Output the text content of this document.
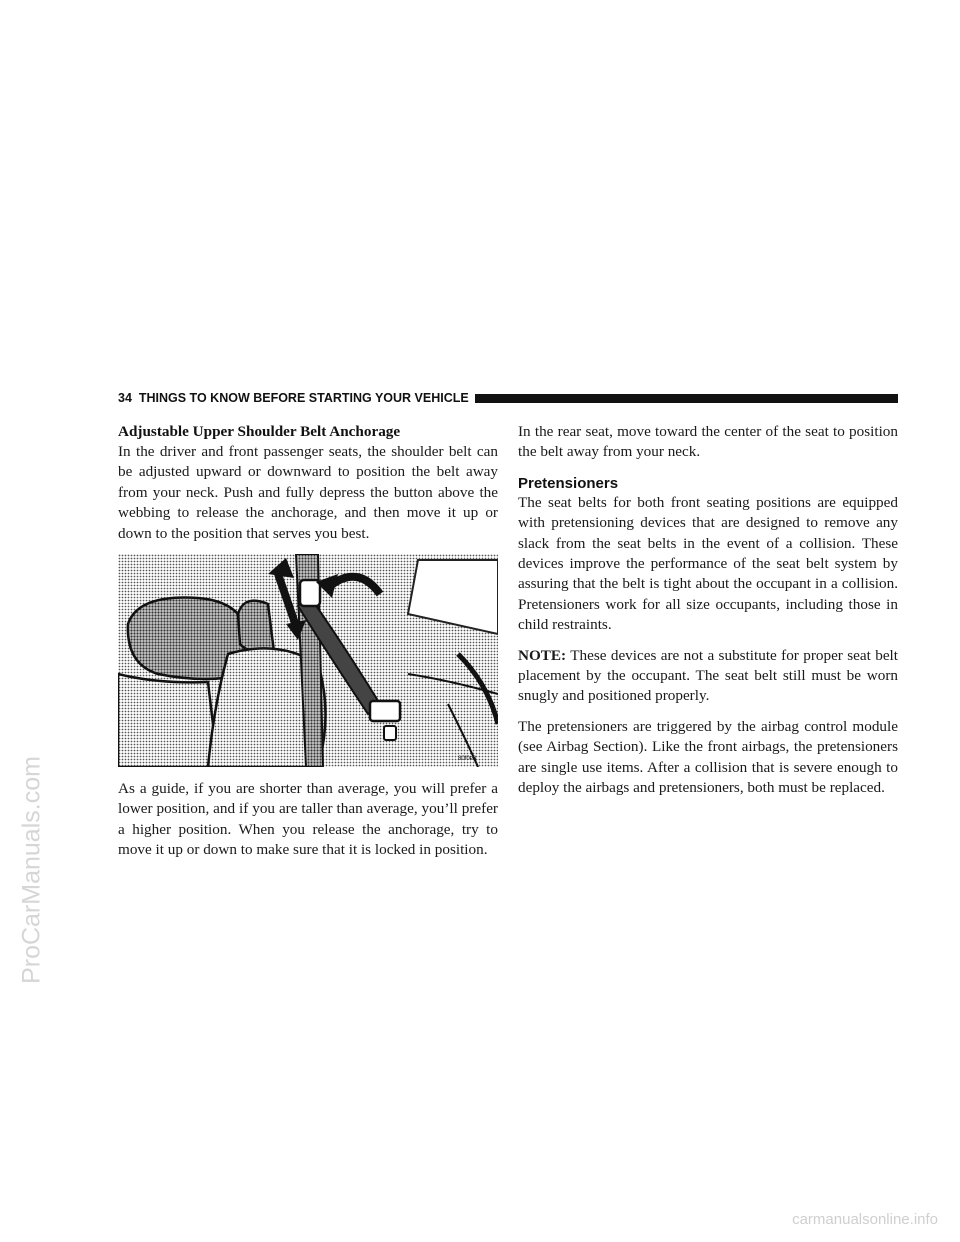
ProCarManuals.com
carmanualsonline.info
34 THINGS TO KNOW BEFORE STARTING YOUR VEHICLE

Adjustable Upper Shoulder Belt Anchorage

In the driver and front passenger seats, the shoulder belt can be adjusted upward or downward to position the belt away from your neck. Push and fully depress the button above the webbing to release the anchorage, and then move it up or down to the position that serves you best.

80f0e8

As a guide, if you are shorter than average, you will prefer a lower position, and if you are taller than average, you’ll prefer a higher position. When you release the anchorage, try to move it up or down to make sure that it is locked in position.

In the rear seat, move toward the center of the seat to position the belt away from your neck.

Pretensioners

The seat belts for both front seating positions are equipped with pretensioning devices that are designed to remove any slack from the seat belts in the event of a collision. These devices improve the performance of the seat belt system by assuring that the belt is tight about the occupant in a collision. Pretensioners work for all size occupants, including those in child restraints.

NOTE: These devices are not a substitute for proper seat belt placement by the occupant. The seat belt still must be worn snugly and positioned properly.

The pretensioners are triggered by the airbag control module (see Airbag Section). Like the front airbags, the pretensioners are single use items. After a collision that is severe enough to deploy the airbags and pretensioners, both must be replaced.
